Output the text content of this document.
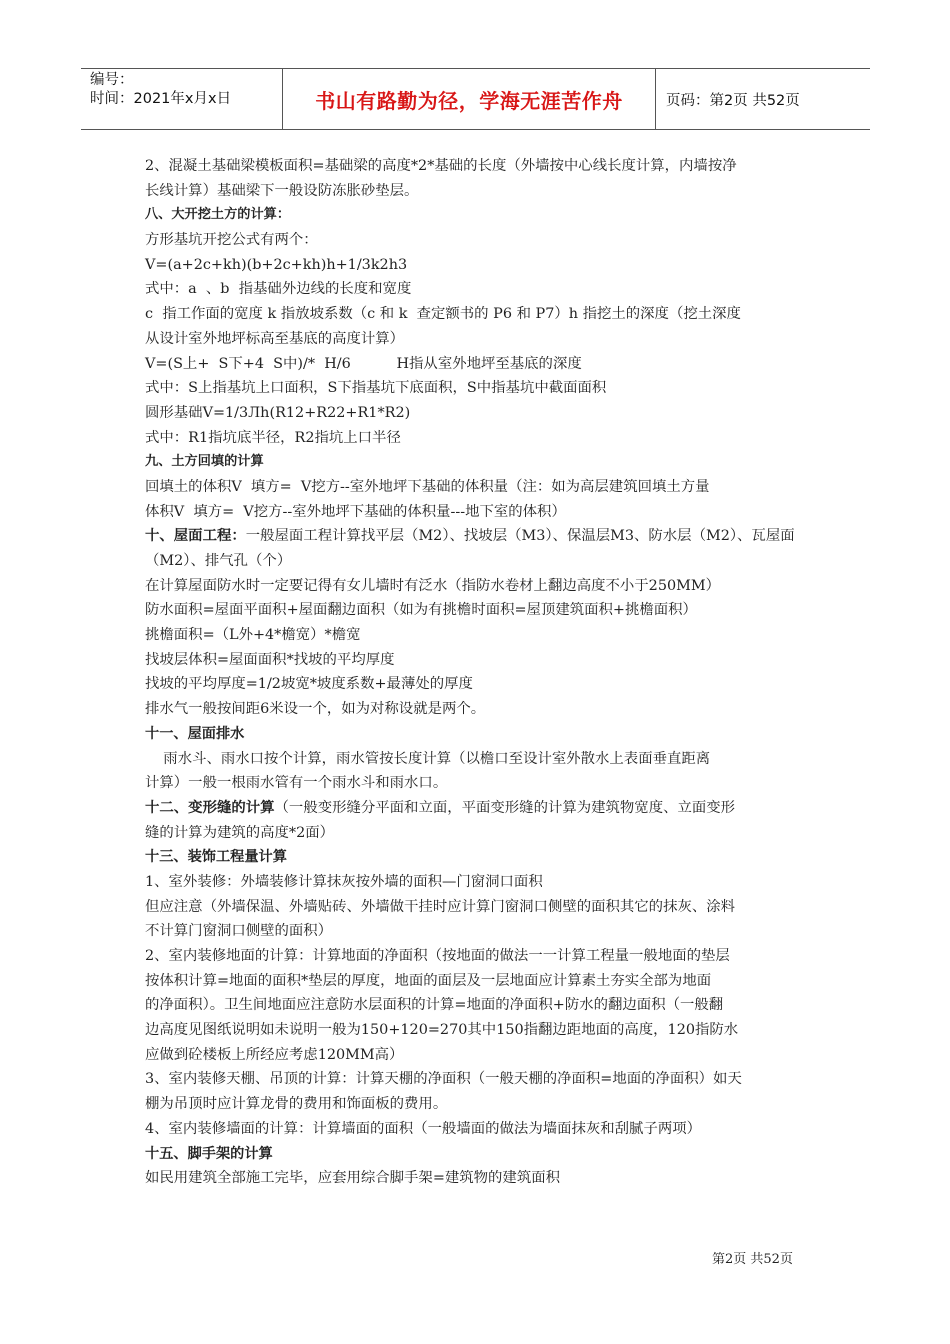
编号：
时间：2021年x月x日	书山有路勤为径，学海无涯苦作舟	页码：第2页 共52页
2、混凝土基础梁模板面积=基础梁的高度*2*基础的长度（外墙按中心线长度计算，内墙按净
长线计算）基础梁下一般设防冻胀砂垫层。
八、大开挖土方的计算：
方形基坑开挖公式有两个：
V=(a+2c+kh)(b+2c+kh)h+1/3k2h3
式中：a  、b  指基础外边线的长度和宽度
c  指工作面的宽度 k 指放坡系数（c 和 k  查定额书的 P6 和 P7）h 指挖土的深度（挖土深度
从设计室外地坪标高至基底的高度计算）
V=(S上+  S下+4  S中)/*  H/6          H指从室外地坪至基底的深度
式中：S上指基坑上口面积，S下指基坑下底面积，S中指基坑中截面面积
圆形基础V=1/3Лh(R12+R22+R1*R2)
式中：R1指坑底半径，R2指坑上口半径
九、土方回填的计算
回填土的体积V  填方=  V挖方--室外地坪下基础的体积量（注：如为高层建筑回填土方量
体积V  填方=  V挖方--室外地坪下基础的体积量---地下室的体积）
十、屋面工程：一般屋面工程计算找平层（M2）、找坡层（M3）、保温层M3、防水层（M2）、瓦屋面
（M2）、排气孔（个）
在计算屋面防水时一定要记得有女儿墙时有泛水（指防水卷材上翻边高度不小于250MM）
防水面积=屋面平面积+屋面翻边面积（如为有挑檐时面积=屋顶建筑面积+挑檐面积）
挑檐面积=（L外+4*檐宽）*檐宽
找坡层体积=屋面面积*找坡的平均厚度
找坡的平均厚度=1/2坡宽*坡度系数+最薄处的厚度
排水气一般按间距6米设一个，如为对称设就是两个。
十一、屋面排水
雨水斗、雨水口按个计算，雨水管按长度计算（以檐口至设计室外散水上表面垂直距离
计算）一般一根雨水管有一个雨水斗和雨水口。
十二、变形缝的计算（一般变形缝分平面和立面，平面变形缝的计算为建筑物宽度、立面变形
缝的计算为建筑的高度*2面）
十三、装饰工程量计算
1、室外装修：外墙装修计算抹灰按外墙的面积—门窗洞口面积
但应注意（外墙保温、外墙贴砖、外墙做干挂时应计算门窗洞口侧壁的面积其它的抹灰、涂料
不计算门窗洞口侧壁的面积）
2、室内装修地面的计算：计算地面的净面积（按地面的做法一一计算工程量一般地面的垫层
按体积计算=地面的面积*垫层的厚度，地面的面层及一层地面应计算素土夯实全部为地面
的净面积）。卫生间地面应注意防水层面积的计算=地面的净面积+防水的翻边面积（一般翻
边高度见图纸说明如未说明一般为150+120=270其中150指翻边距地面的高度，120指防水
应做到砼楼板上所经应考虑120MM高）
3、室内装修天棚、吊顶的计算：计算天棚的净面积（一般天棚的净面积=地面的净面积）如天
棚为吊顶时应计算龙骨的费用和饰面板的费用。
4、室内装修墙面的计算：计算墙面的面积（一般墙面的做法为墙面抹灰和刮腻子两项）
十五、脚手架的计算
如民用建筑全部施工完毕，应套用综合脚手架=建筑物的建筑面积
第2页 共52页
